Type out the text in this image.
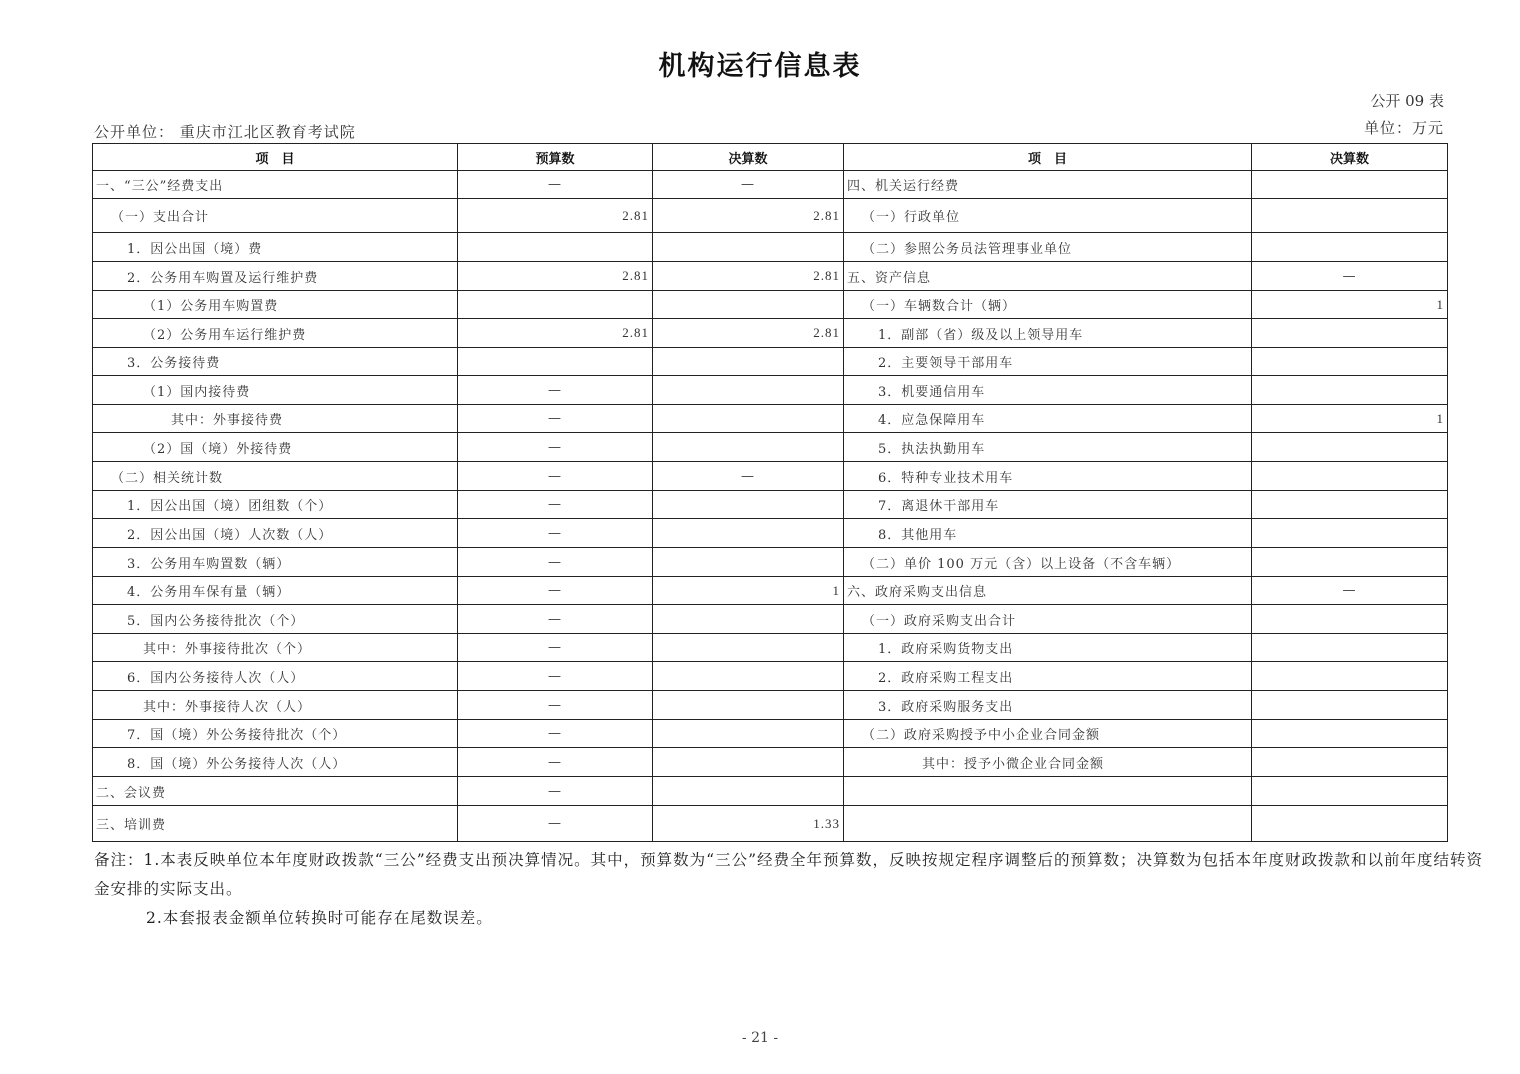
机构运行信息表
公开 09 表
公开单位： 重庆市江北区教育考试院	单位：万元
项　目	预算数	决算数	项　目	决算数
一、“三公”经费支出	—	—	四、机关运行经费	
（一）支出合计	2.81	2.81	（一）行政单位	
1．因公出国（境）费			（二）参照公务员法管理事业单位	
2．公务用车购置及运行维护费	2.81	2.81	五、资产信息	—
（1）公务用车购置费			（一）车辆数合计（辆）	1
（2）公务用车运行维护费	2.81	2.81	1．副部（省）级及以上领导用车	
3．公务接待费			2．主要领导干部用车	
（1）国内接待费	—		3．机要通信用车	
其中：外事接待费	—		4．应急保障用车	1
（2）国（境）外接待费	—		5．执法执勤用车	
（二）相关统计数	—	—	6．特种专业技术用车	
1．因公出国（境）团组数（个）	—		7．离退休干部用车	
2．因公出国（境）人次数（人）	—		8．其他用车	
3．公务用车购置数（辆）	—		（二）单价 100 万元（含）以上设备（不含车辆）	
4．公务用车保有量（辆）	—	1	六、政府采购支出信息	—
5．国内公务接待批次（个）	—		（一）政府采购支出合计	
其中：外事接待批次（个）	—		1．政府采购货物支出	
6．国内公务接待人次（人）	—		2．政府采购工程支出	
其中：外事接待人次（人）	—		3．政府采购服务支出	
7．国（境）外公务接待批次（个）	—		（二）政府采购授予中小企业合同金额	
8．国（境）外公务接待人次（人）	—		其中：授予小微企业合同金额	
二、会议费	—			
三、培训费	—	1.33		
备注：1.本表反映单位本年度财政拨款“三公”经费支出预决算情况。其中，预算数为“三公”经费全年预算数，反映按规定程序调整后的预算数；决算数为包括本年度财政拨款和以前年度结转资金安排的实际支出。
2.本套报表金额单位转换时可能存在尾数误差。
- 21 -
